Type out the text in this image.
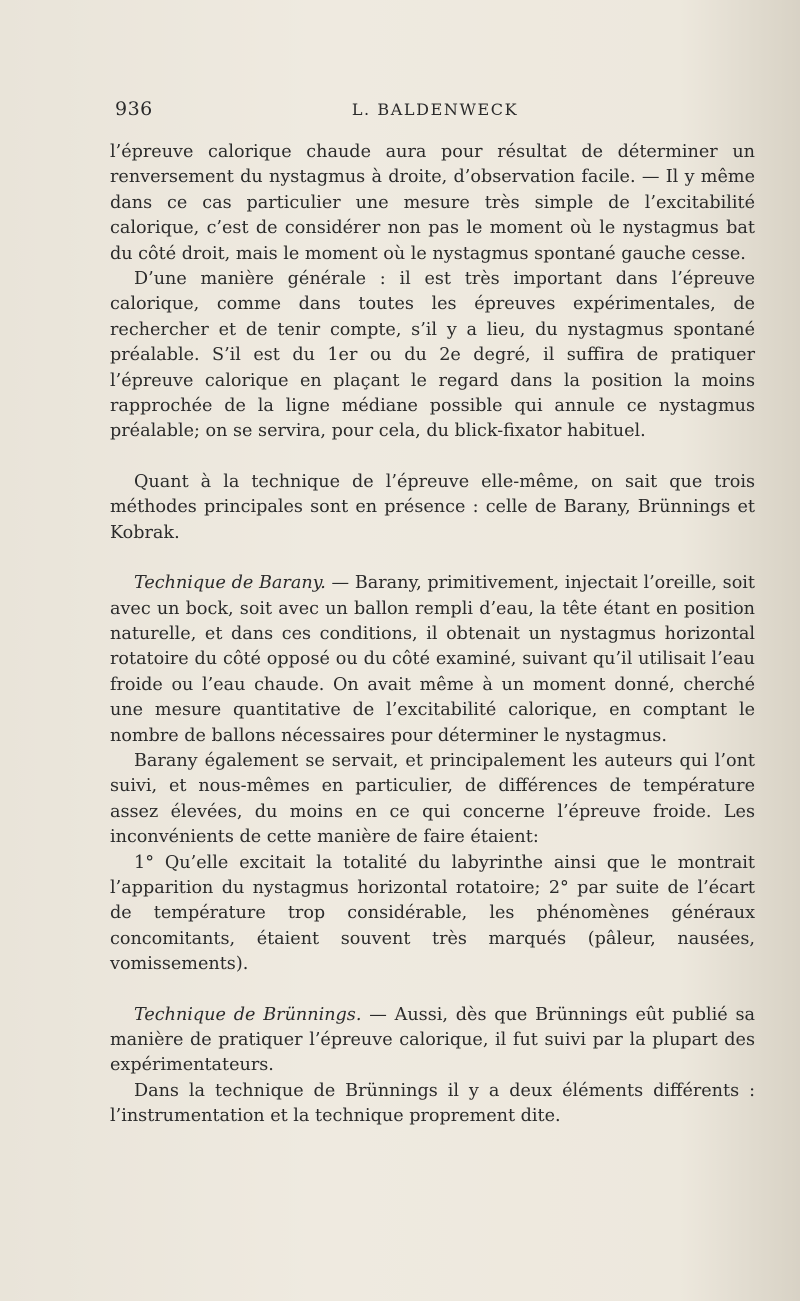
936	L. BALDENWECK

l’épreuve calorique chaude aura pour résultat de déterminer un renversement du nystagmus à droite, d’observation facile. — Il y même dans ce cas particulier une mesure très simple de l’excitabilité calorique, c’est de considérer non pas le moment où le nystagmus bat du côté droit, mais le moment où le nystagmus spontané gauche cesse.

D’une manière générale : il est très important dans l’épreuve calorique, comme dans toutes les épreuves expérimentales, de rechercher et de tenir compte, s’il y a lieu, du nystagmus spontané préalable. S’il est du 1er ou du 2e degré, il suffira de pratiquer l’épreuve calorique en plaçant le regard dans la position la moins rapprochée de la ligne médiane possible qui annule ce nystagmus préalable; on se servira, pour cela, du blick-fixator habituel.

Quant à la technique de l’épreuve elle-même, on sait que trois méthodes principales sont en présence : celle de Barany, Brünnings et Kobrak.

Technique de Barany. — Barany, primitivement, injectait l’oreille, soit avec un bock, soit avec un ballon rempli d’eau, la tête étant en position naturelle, et dans ces conditions, il obtenait un nystagmus horizontal rotatoire du côté opposé ou du côté examiné, suivant qu’il utilisait l’eau froide ou l’eau chaude. On avait même à un moment donné, cherché une mesure quantitative de l’excitabilité calorique, en comptant le nombre de ballons nécessaires pour déterminer le nystagmus.

Barany également se servait, et principalement les auteurs qui l’ont suivi, et nous-mêmes en particulier, de différences de température assez élevées, du moins en ce qui concerne l’épreuve froide. Les inconvénients de cette manière de faire étaient:

1° Qu’elle excitait la totalité du labyrinthe ainsi que le montrait l’apparition du nystagmus horizontal rotatoire; 2° par suite de l’écart de température trop considérable, les phénomènes généraux concomitants, étaient souvent très marqués (pâleur, nausées, vomissements).

Technique de Brünnings. — Aussi, dès que Brünnings eût publié sa manière de pratiquer l’épreuve calorique, il fut suivi par la plupart des expérimentateurs.

Dans la technique de Brünnings il y a deux éléments différents : l’instrumentation et la technique proprement dite.
